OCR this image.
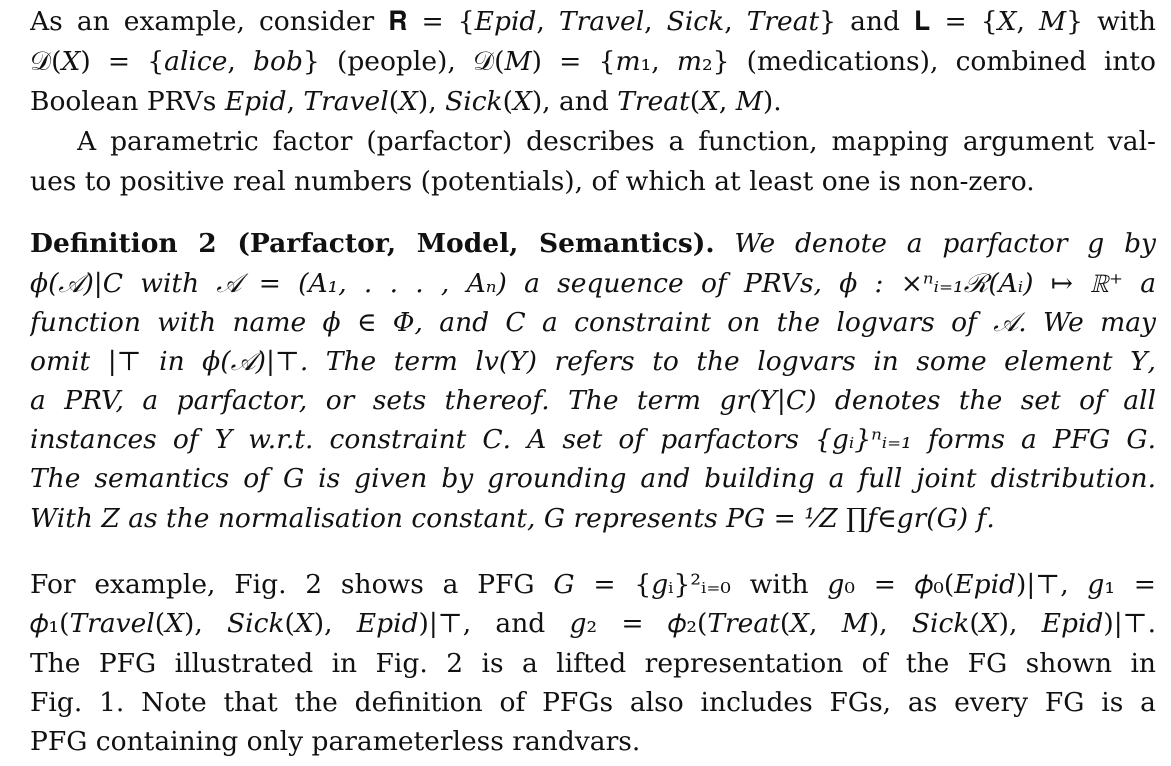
As an example, consider 𝐑 = {𝐸𝑝𝑖𝑑, 𝑇𝑟𝑎𝑣𝑒𝑙, 𝑆𝑖𝑐𝑘, 𝑇𝑟𝑒𝑎𝑡} and 𝐋 = {𝑋, 𝑀} with
𝒟(𝑋) = {𝑎𝑙𝑖𝑐𝑒, 𝑏𝑜𝑏} (people), 𝒟(𝑀) = {𝑚₁, 𝑚₂} (medications), combined into
Boolean PRVs 𝐸𝑝𝑖𝑑, 𝑇𝑟𝑎𝑣𝑒𝑙(𝑋), 𝑆𝑖𝑐𝑘(𝑋), and 𝑇𝑟𝑒𝑎𝑡(𝑋, 𝑀).
A parametric factor (parfactor) describes a function, mapping argument val-
ues to positive real numbers (potentials), of which at least one is non-zero.
Definition 2 (Parfactor, Model, Semantics). We denote a parfactor 𝑔 by
𝜙(𝒜)|𝐶 with 𝒜 = (𝐴₁, . . . , 𝐴ₙ) a sequence of PRVs, 𝜙 : ×ⁿᵢ₌₁ℛ(𝐴ᵢ) ↦ ℝ⁺ a
function with name 𝜙 ∈ 𝛷, and 𝐶 a constraint on the logvars of 𝒜. We may
omit |⊤ in 𝜙(𝒜)|⊤. The term 𝑙𝑣(𝑌) refers to the logvars in some element 𝑌,
a PRV, a parfactor, or sets thereof. The term 𝑔𝑟(𝑌|𝐶) denotes the set of all
instances of 𝑌 w.r.t. constraint 𝐶. A set of parfactors {𝑔ᵢ}ⁿᵢ₌₁ forms a PFG 𝐺.
The semantics of 𝐺 is given by grounding and building a full joint distribution.
With 𝑍 as the normalisation constant, 𝐺 represents 𝑃𝐺 = ¹⁄𝑍 ∏𝑓∈𝑔𝑟(𝐺) 𝑓.
For example, Fig. 2 shows a PFG 𝐺 = {𝑔ᵢ}²ᵢ₌₀ with 𝑔₀ = 𝜙₀(𝐸𝑝𝑖𝑑)|⊤, 𝑔₁ =
𝜙₁(𝑇𝑟𝑎𝑣𝑒𝑙(𝑋), 𝑆𝑖𝑐𝑘(𝑋), 𝐸𝑝𝑖𝑑)|⊤, and 𝑔₂ = 𝜙₂(𝑇𝑟𝑒𝑎𝑡(𝑋, 𝑀), 𝑆𝑖𝑐𝑘(𝑋), 𝐸𝑝𝑖𝑑)|⊤.
The PFG illustrated in Fig. 2 is a lifted representation of the FG shown in
Fig. 1. Note that the definition of PFGs also includes FGs, as every FG is a
PFG containing only parameterless randvars.
